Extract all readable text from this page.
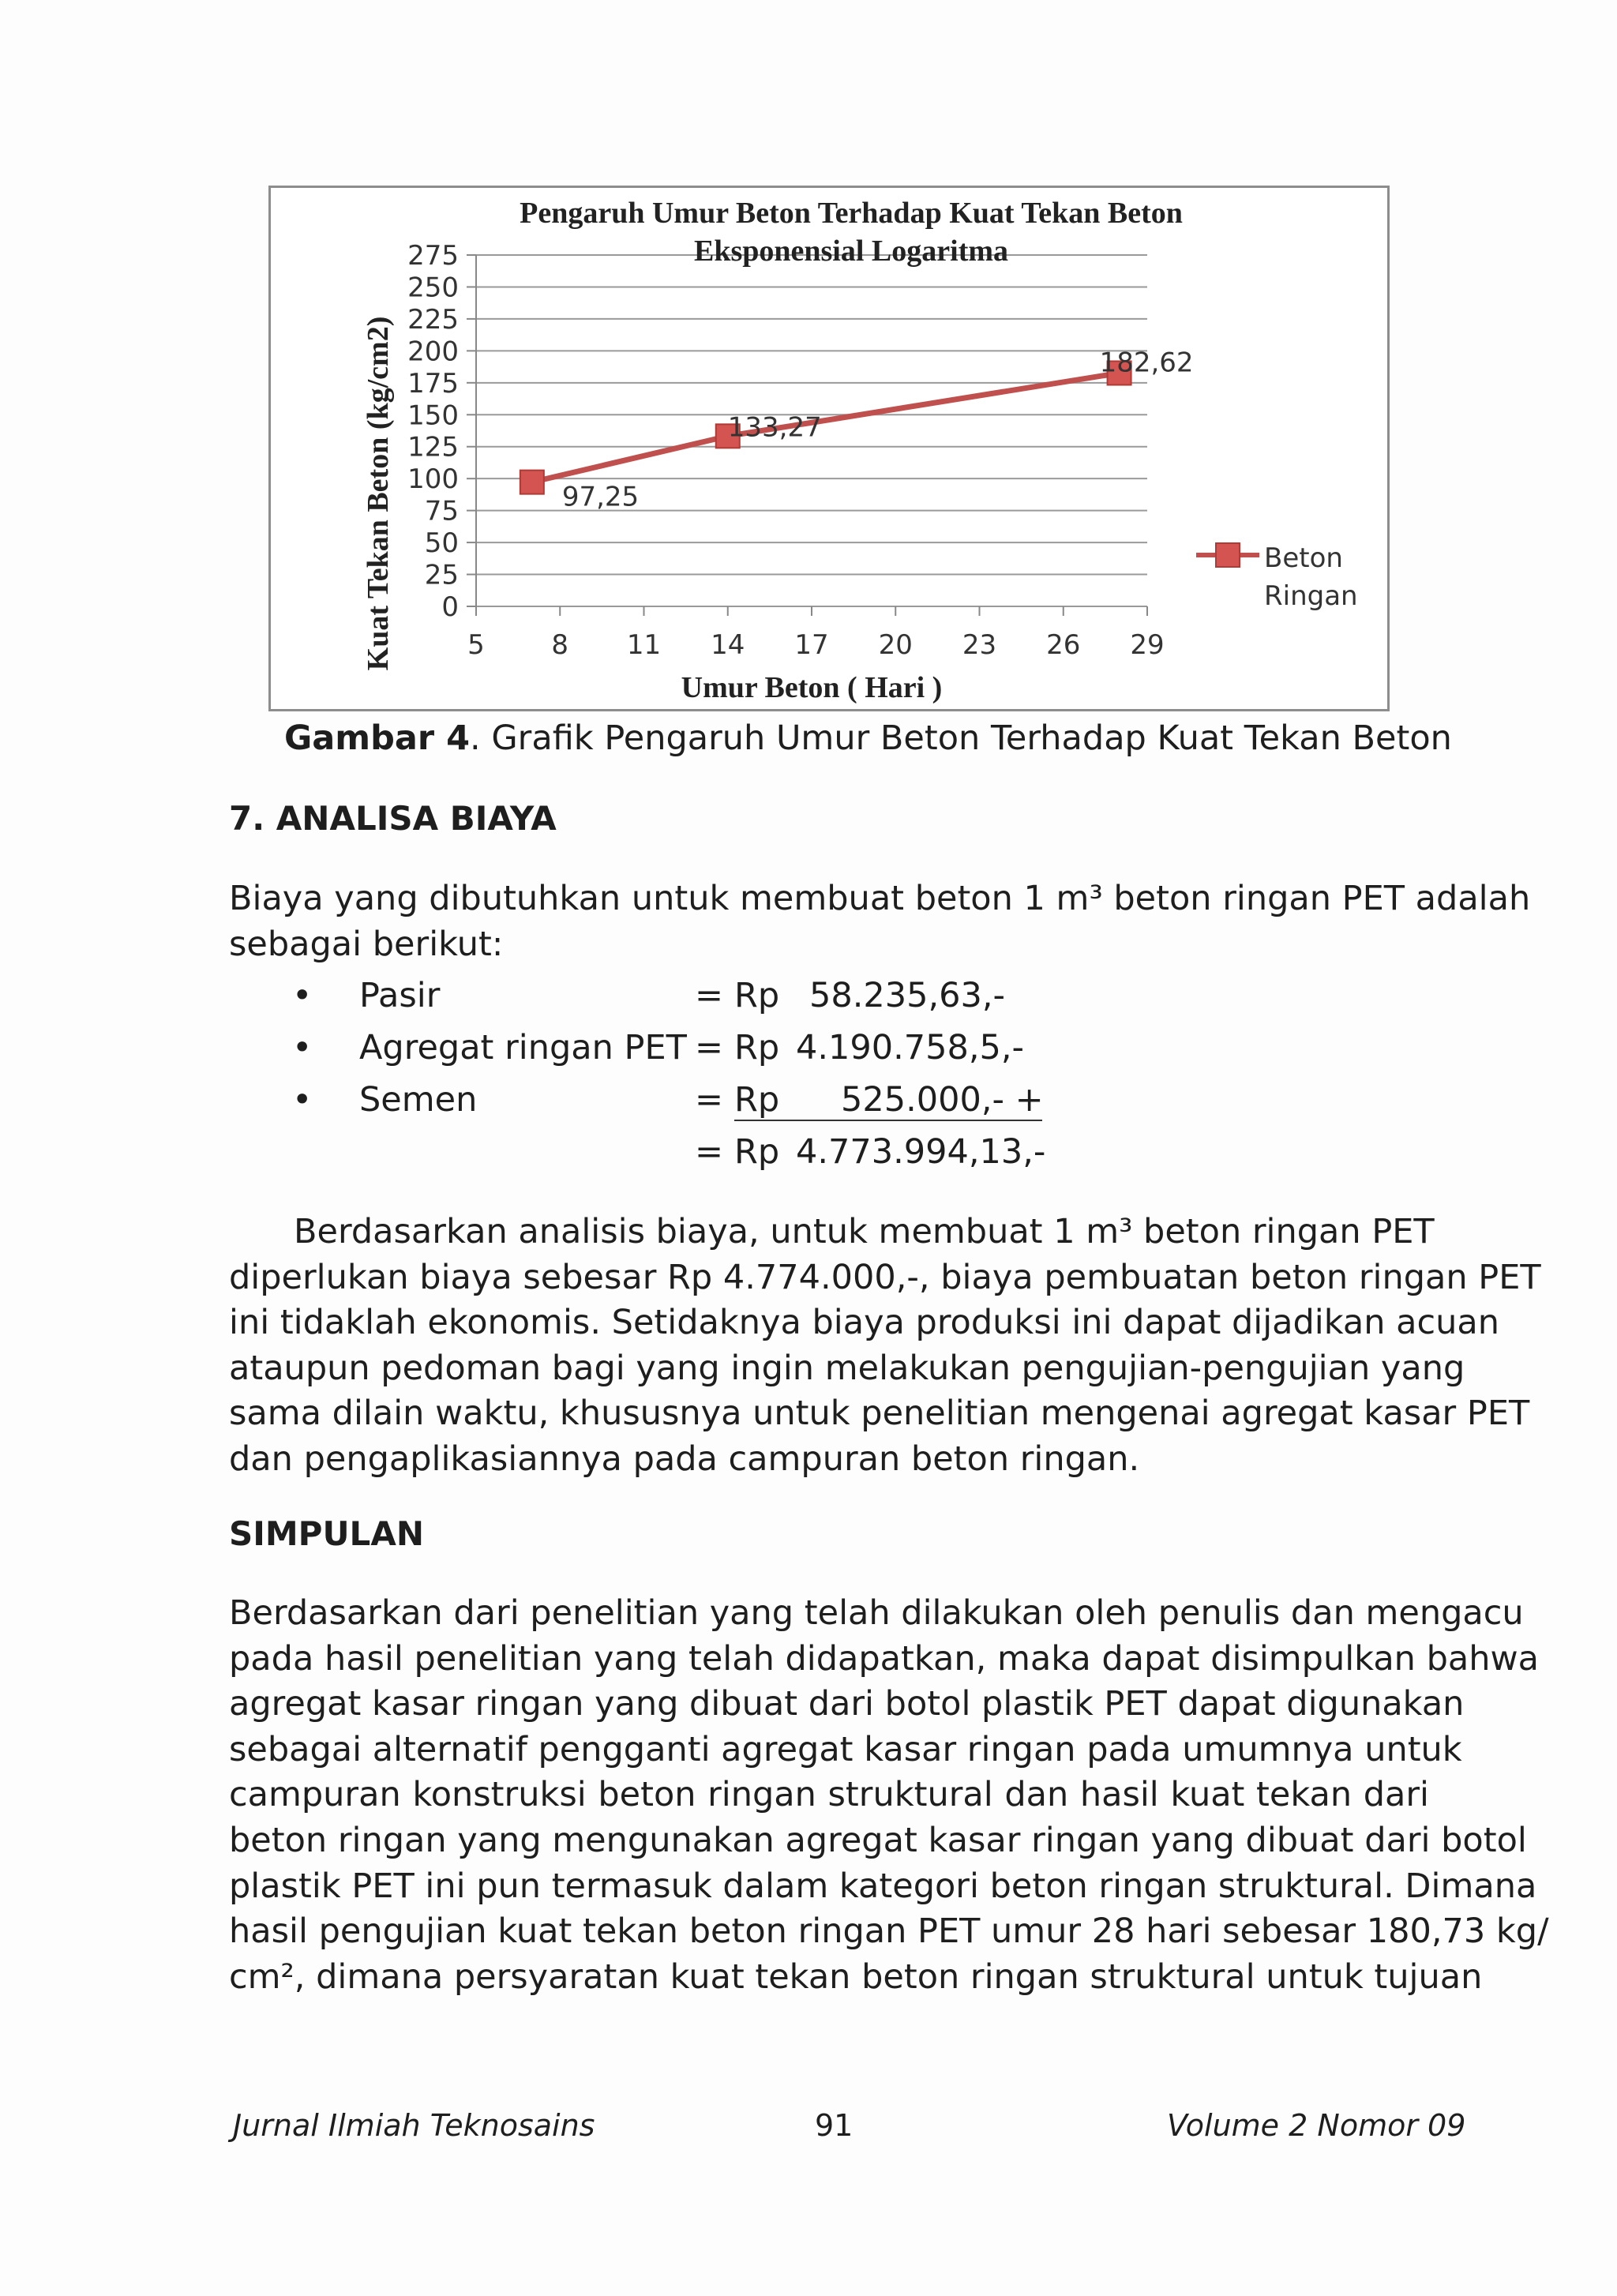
275
250
225
200
175
150
125
100
75
50
25
0
5 8 11 14 17 20 23 26 29
Pengaruh Umur Beton Terhadap Kuat Tekan Beton
Eksponensial Logaritma
Umur Beton ( Hari )
Kuat Tekan Beton (kg/cm2)	97,25
133,27
182,62
Beton
Ringan
Gambar 4. Grafik Pengaruh Umur Beton Terhadap Kuat Tekan Beton
7. ANALISA BIAYA
Biaya yang dibutuhkan untuk membuat beton 1 m³ beton ringan PET adalah
sebagai berikut:
• Pasir	= Rp 58.235,63,-
• Agregat ringan PET = Rp 4.190.758,5,-
• Semen	= Rp	525.000,- +
= Rp 4.773.994,13,-
Berdasarkan analisis biaya, untuk membuat 1 m³ beton ringan PET
diperlukan biaya sebesar Rp 4.774.000,-, biaya pembuatan beton ringan PET
ini tidaklah ekonomis. Setidaknya biaya produksi ini dapat dijadikan acuan
ataupun pedoman bagi yang ingin melakukan pengujian-pengujian yang
sama dilain waktu, khususnya untuk penelitian mengenai agregat kasar PET
dan pengaplikasiannya pada campuran beton ringan.
SIMPULAN
Berdasarkan dari penelitian yang telah dilakukan oleh penulis dan mengacu
pada hasil penelitian yang telah didapatkan, maka dapat disimpulkan bahwa
agregat kasar ringan yang dibuat dari botol plastik PET dapat digunakan
sebagai alternatif pengganti agregat kasar ringan pada umumnya untuk
campuran konstruksi beton ringan struktural dan hasil kuat tekan dari
beton ringan yang mengunakan agregat kasar ringan yang dibuat dari botol
plastik PET ini pun termasuk dalam kategori beton ringan struktural. Dimana
hasil pengujian kuat tekan beton ringan PET umur 28 hari sebesar 180,73 kg/
cm², dimana persyaratan kuat tekan beton ringan struktural untuk tujuan
Jurnal Ilmiah Teknosains	91	Volume 2 Nomor 09
